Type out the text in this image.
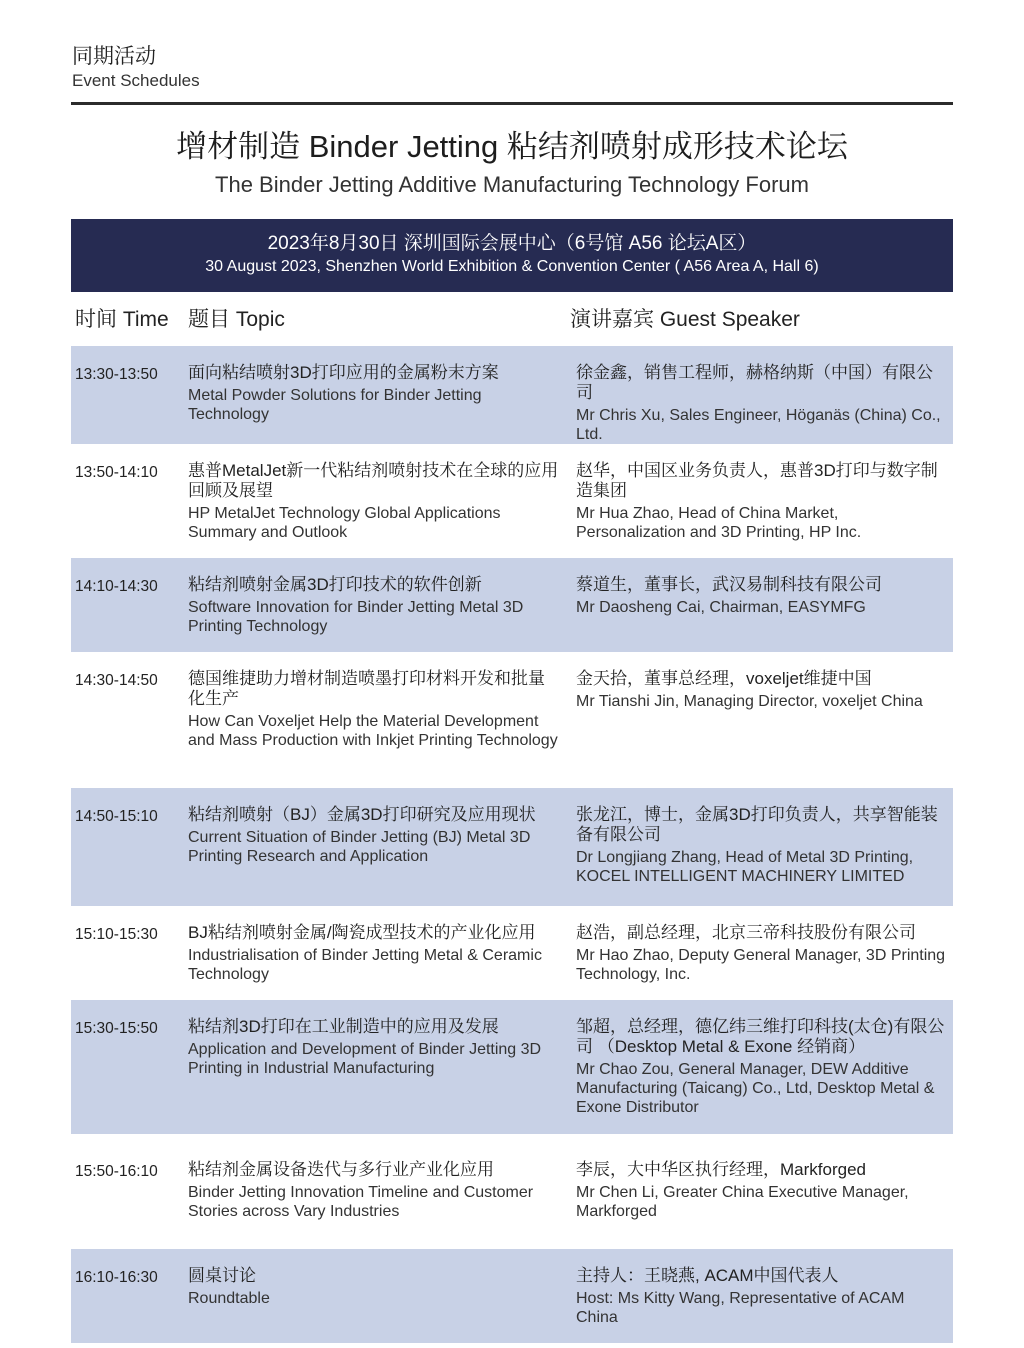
同期活动
Event Schedules
增材制造 Binder Jetting 粘结剂喷射成形技术论坛
The Binder Jetting Additive Manufacturing Technology Forum
2023年8月30日 深圳国际会展中心（6号馆 A56 论坛A区）
30 August 2023, Shenzhen World Exhibition & Convention Center ( A56 Area A, Hall 6)
时间 Time 题目 Topic	演讲嘉宾 Guest Speaker
13:30-13:50 面向粘结喷射3D打印应用的金属粉末方案
Metal Powder Solutions for Binder Jetting Technology
徐金鑫，销售工程师，赫格纳斯（中国）有限公司
Mr Chris Xu, Sales Engineer, Höganäs (China) Co., Ltd.
13:50-14:10 惠普MetalJet新一代粘结剂喷射技术在全球的应用回顾及展望
HP MetalJet Technology Global Applications Summary and Outlook
赵华，中国区业务负责人，惠普3D打印与数字制造集团
Mr Hua Zhao, Head of China Market, Personalization and 3D Printing, HP Inc.
14:10-14:30 粘结剂喷射金属3D打印技术的软件创新
Software Innovation for Binder Jetting Metal 3D Printing Technology
蔡道生，董事长，武汉易制科技有限公司
Mr Daosheng Cai, Chairman, EASYMFG
14:30-14:50 德国维捷助力增材制造喷墨打印材料开发和批量化生产
How Can Voxeljet Help the Material Development and Mass Production with Inkjet Printing Technology
金天拾，董事总经理，voxeljet维捷中国
Mr Tianshi Jin, Managing Director, voxeljet China
14:50-15:10 粘结剂喷射（BJ）金属3D打印研究及应用现状
Current Situation of Binder Jetting (BJ) Metal 3D Printing Research and Application
张龙江，博士，金属3D打印负责人，共享智能装备有限公司
Dr Longjiang Zhang, Head of Metal 3D Printing, KOCEL INTELLIGENT MACHINERY LIMITED
15:10-15:30 BJ粘结剂喷射金属/陶瓷成型技术的产业化应用
Industrialisation of Binder Jetting Metal & Ceramic Technology
赵浩，副总经理，北京三帝科技股份有限公司
Mr Hao Zhao, Deputy General Manager, 3D Printing Technology, Inc.
15:30-15:50 粘结剂3D打印在工业制造中的应用及发展
Application and Development of Binder Jetting 3D Printing in Industrial Manufacturing
邹超，总经理，德亿纬三维打印科技(太仓)有限公司 （Desktop Metal & Exone 经销商）
Mr Chao Zou, General Manager, DEW Additive Manufacturing (Taicang) Co., Ltd, Desktop Metal & Exone Distributor
15:50-16:10 粘结剂金属设备迭代与多行业产业化应用
Binder Jetting Innovation Timeline and Customer Stories across Vary Industries
李辰，大中华区执行经理，Markforged
Mr Chen Li, Greater China Executive Manager, Markforged
16:10-16:30 圆桌讨论
Roundtable
主持人：王晓燕, ACAM中国代表人
Host: Ms Kitty Wang, Representative of ACAM China
